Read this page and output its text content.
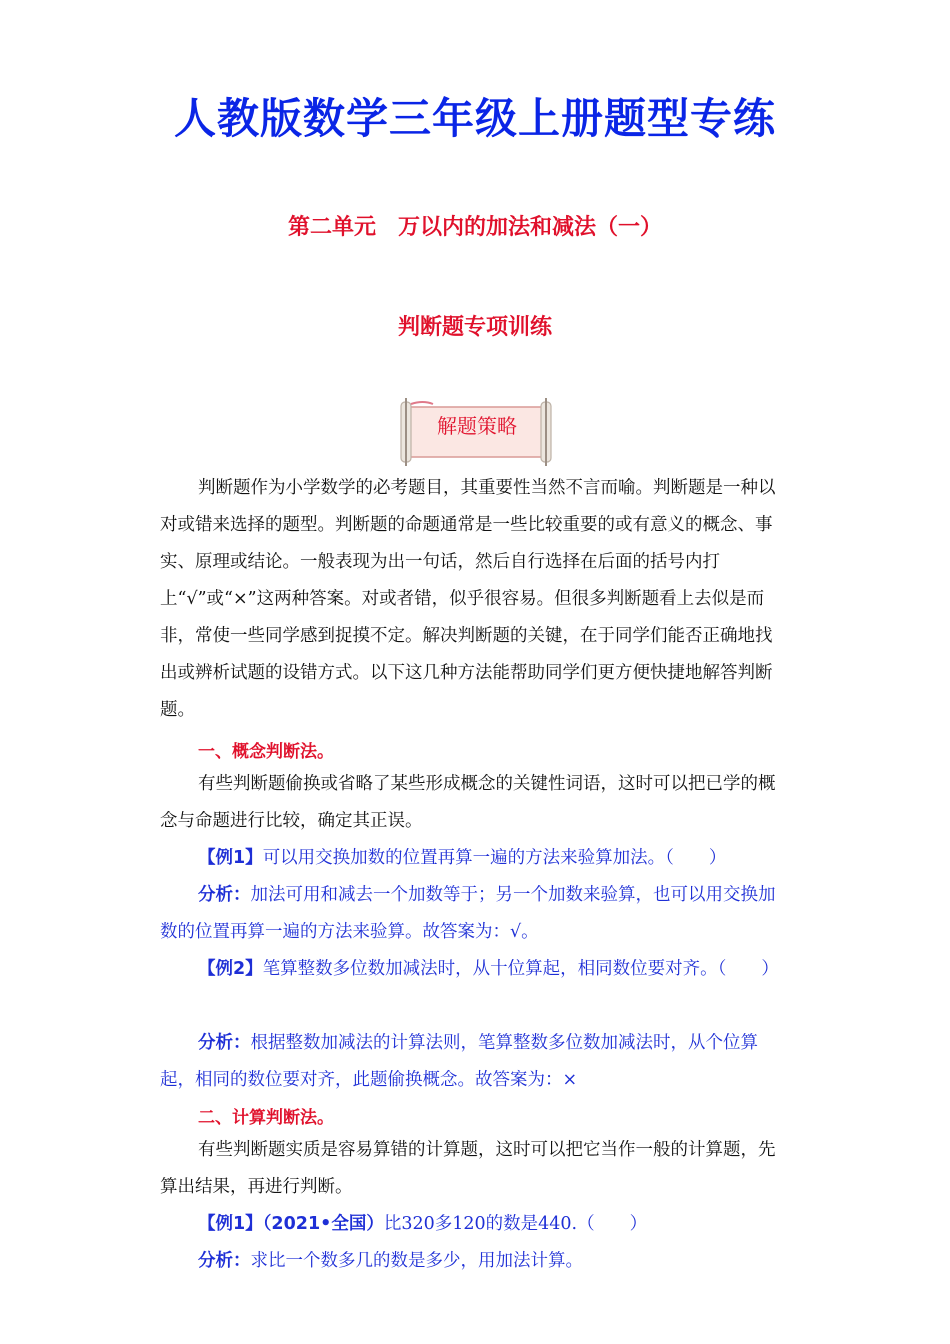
人教版数学三年级上册题型专练
第二单元　万以内的加法和减法（一）
判断题专项训练
解题策略
判断题作为小学数学的必考题目，其重要性当然不言而喻。判断题是一种以对或错来选择的题型。判断题的命题通常是一些比较重要的或有意义的概念、事实、原理或结论。一般表现为出一句话，然后自行选择在后面的括号内打上“√”或“×”这两种答案。对或者错，似乎很容易。但很多判断题看上去似是而非，常使一些同学感到捉摸不定。解决判断题的关键，在于同学们能否正确地找出或辨析试题的设错方式。以下这几种方法能帮助同学们更方便快捷地解答判断题。
一、概念判断法。
有些判断题偷换或省略了某些形成概念的关键性词语，这时可以把已学的概念与命题进行比较，确定其正误。
【例1】可以用交换加数的位置再算一遍的方法来验算加法。（　　）
分析：加法可用和减去一个加数等于；另一个加数来验算，也可以用交换加数的位置再算一遍的方法来验算。故答案为：√。
【例2】笔算整数多位数加减法时，从十位算起，相同数位要对齐。（　　）
分析：根据整数加减法的计算法则，笔算整数多位数加减法时，从个位算起，相同的数位要对齐，此题偷换概念。故答案为：×
二、计算判断法。
有些判断题实质是容易算错的计算题，这时可以把它当作一般的计算题，先算出结果，再进行判断。
【例1】（2021•全国）比320多120的数是440.（　　）
分析：求比一个数多几的数是多少，用加法计算。
